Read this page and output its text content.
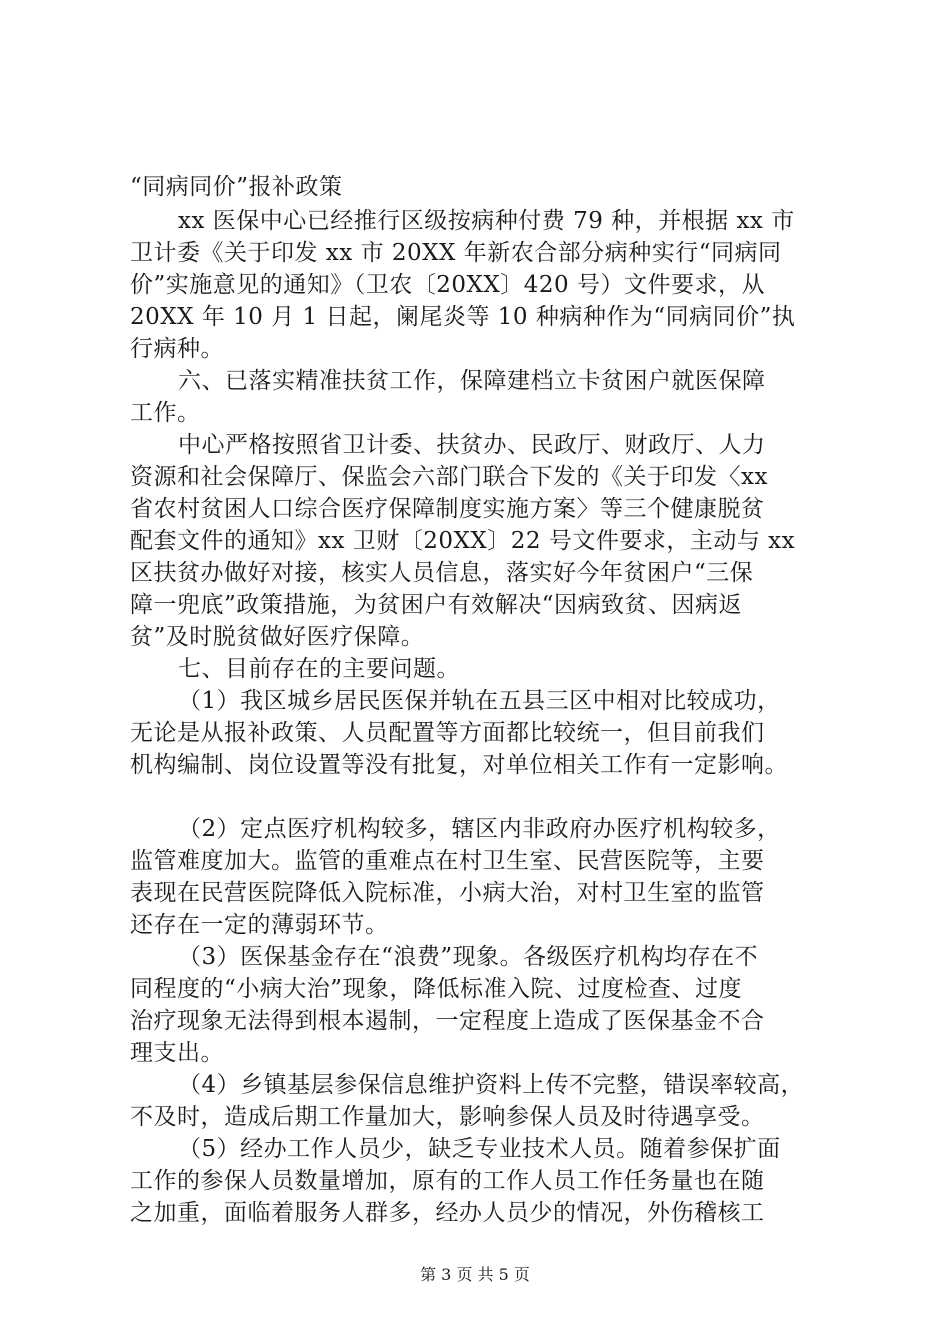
“同病同价”报补政策
xx 医保中心已经推行区级按病种付费 79 种，并根据 xx 市
卫计委《关于印发 xx 市 20XX 年新农合部分病种实行“同病同
价”实施意见的通知》（卫农〔20XX〕420 号）文件要求，从
20XX 年 10 月 1 日起，阑尾炎等 10 种病种作为“同病同价”执
行病种。
六、已落实精准扶贫工作，保障建档立卡贫困户就医保障
工作。
中心严格按照省卫计委、扶贫办、民政厅、财政厅、人力
资源和社会保障厅、保监会六部门联合下发的《关于印发〈xx
省农村贫困人口综合医疗保障制度实施方案〉等三个健康脱贫
配套文件的通知》xx 卫财〔20XX〕22 号文件要求，主动与 xx
区扶贫办做好对接，核实人员信息，落实好今年贫困户“三保
障一兜底”政策措施，为贫困户有效解决“因病致贫、因病返
贫”及时脱贫做好医疗保障。
七、目前存在的主要问题。
（1）我区城乡居民医保并轨在五县三区中相对比较成功，
无论是从报补政策、人员配置等方面都比较统一，但目前我们
机构编制、岗位设置等没有批复，对单位相关工作有一定影响。
（2）定点医疗机构较多，辖区内非政府办医疗机构较多，
监管难度加大。监管的重难点在村卫生室、民营医院等，主要
表现在民营医院降低入院标准，小病大治，对村卫生室的监管
还存在一定的薄弱环节。
（3）医保基金存在“浪费”现象。各级医疗机构均存在不
同程度的“小病大治”现象，降低标准入院、过度检查、过度
治疗现象无法得到根本遏制，一定程度上造成了医保基金不合
理支出。
（4）乡镇基层参保信息维护资料上传不完整，错误率较高，
不及时，造成后期工作量加大，影响参保人员及时待遇享受。
（5）经办工作人员少，缺乏专业技术人员。随着参保扩面
工作的参保人员数量增加，原有的工作人员工作任务量也在随
之加重，面临着服务人群多，经办人员少的情况，外伤稽核工
第 3 页 共 5 页
